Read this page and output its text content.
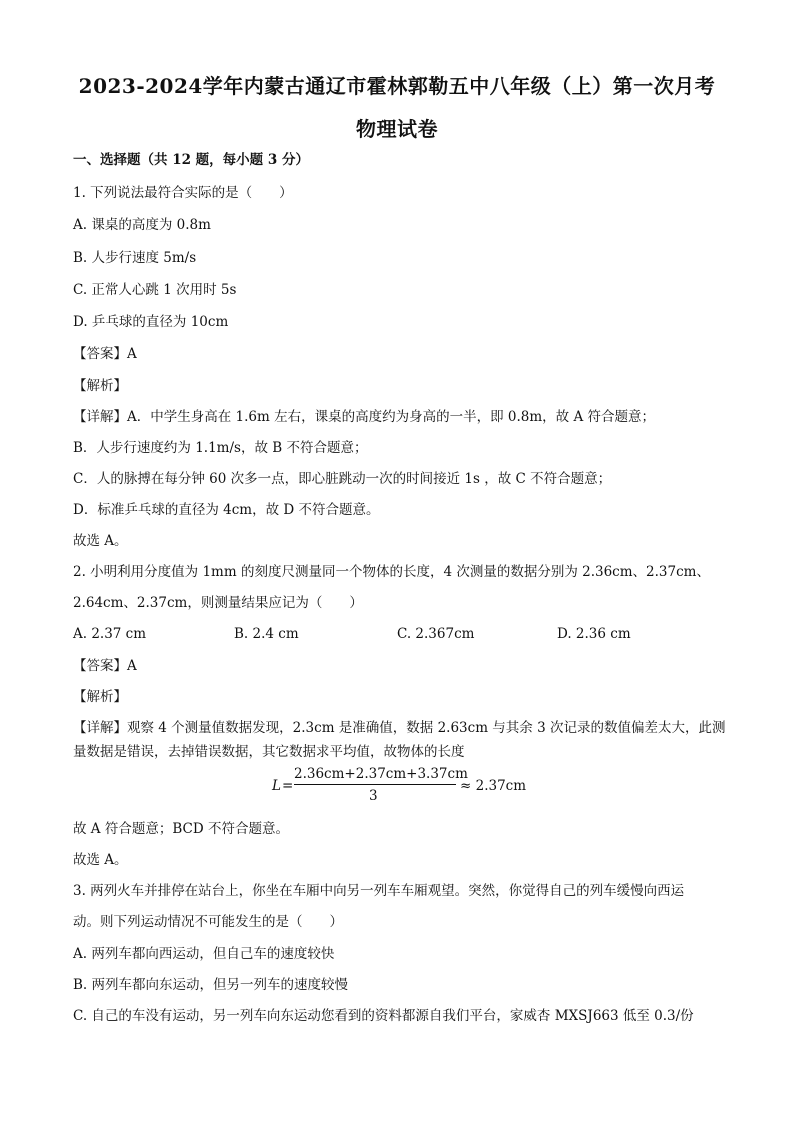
2023-2024学年内蒙古通辽市霍林郭勒五中八年级（上）第一次月考
物理试卷
一、选择题（共 12 题，每小题 3 分）
1. 下列说法最符合实际的是（　　）
A. 课桌的高度为 0.8m
B. 人步行速度 5m/s
C. 正常人心跳 1 次用时 5s
D. 乒乓球的直径为 10cm
【答案】A
【解析】
【详解】A．中学生身高在 1.6m 左右，课桌的高度约为身高的一半，即 0.8m，故 A 符合题意；
B．人步行速度约为 1.1m/s，故 B 不符合题意；
C．人的脉搏在每分钟 60 次多一点，即心脏跳动一次的时间接近 1s ，故 C 不符合题意；
D．标准乒乓球的直径为 4cm，故 D 不符合题意。
故选 A。
2. 小明利用分度值为 1mm 的刻度尺测量同一个物体的长度，4 次测量的数据分别为 2.36cm、2.37cm、
2.64cm、2.37cm，则测量结果应记为（　　）
A. 2.37 cm	B. 2.4 cm	C. 2.367cm	D. 2.36 cm
【答案】A
【解析】
【详解】观察 4 个测量值数据发现，2.3cm 是准确值，数据 2.63cm 与其余 3 次记录的数值偏差太大，此测
量数据是错误，去掉错误数据，其它数据求平均值，故物体的长度
L =
2.36cm+2.37cm+3.37cm
3
≈ 2.37cm
故 A 符合题意；BCD 不符合题意。
故选 A。
3. 两列火车并排停在站台上，你坐在车厢中向另一列车车厢观望。突然，你觉得自己的列车缓慢向西运
动。则下列运动情况不可能发生的是（　　）
A. 两列车都向西运动，但自己车的速度较快
B. 两列车都向东运动，但另一列车的速度较慢
C. 自己的车没有运动，另一列车向东运动您看到的资料都源自我们平台，家威杏 MXSJ663 低至 0.3/份
